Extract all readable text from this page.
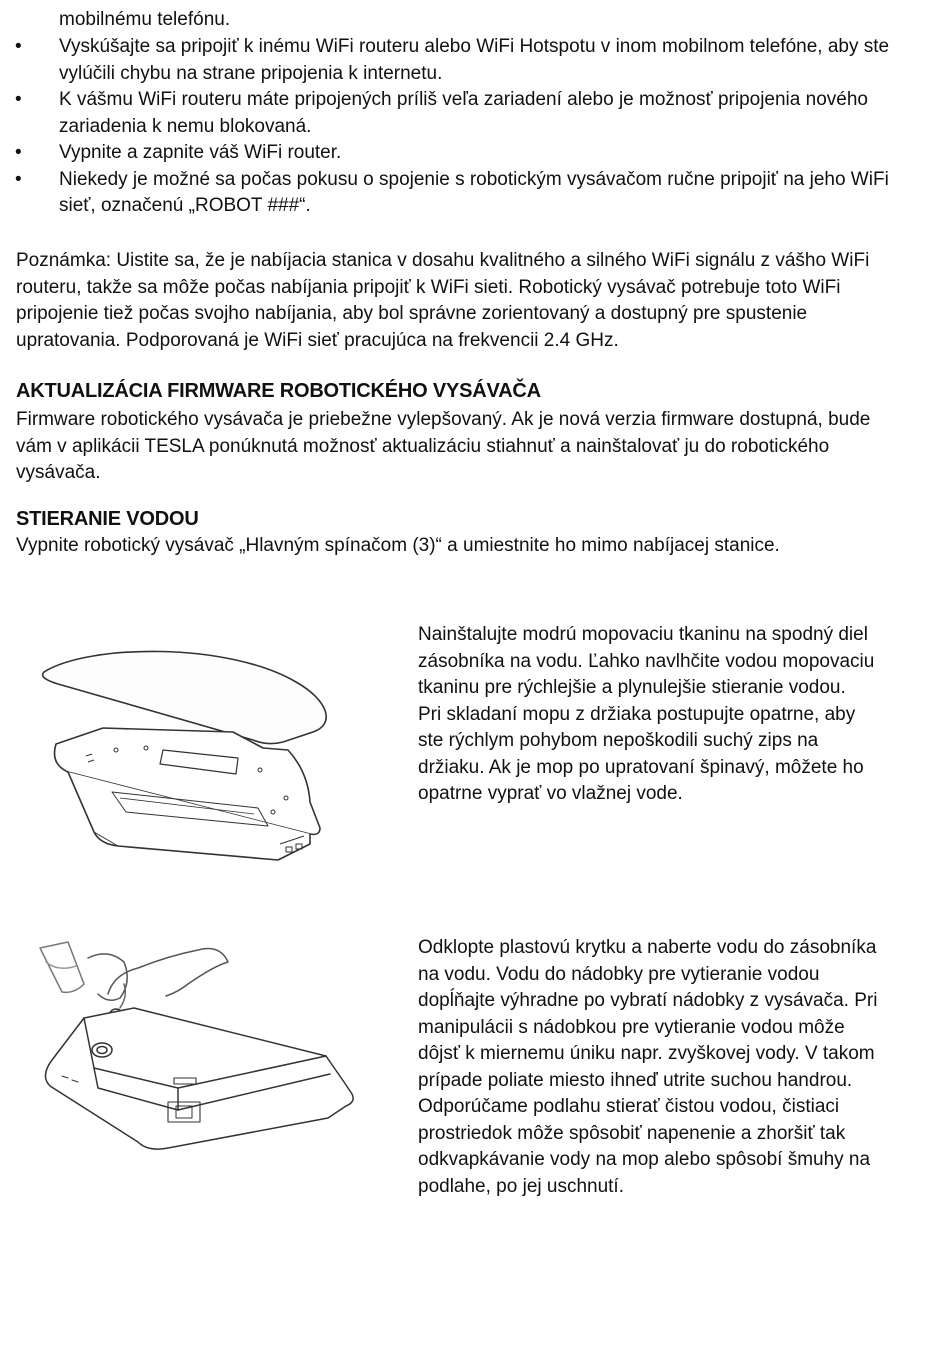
mobilnému telefónu.

• Vyskúšajte sa pripojiť k inému WiFi routeru alebo WiFi Hotspotu v inom mobilnom telefóne, aby ste vylúčili chybu na strane pripojenia k internetu.
• K vášmu WiFi routeru máte pripojených príliš veľa zariadení alebo je možnosť pripojenia nového zariadenia k nemu blokovaná.
• Vypnite a zapnite váš WiFi router.
• Niekedy je možné sa počas pokusu o spojenie s robotickým vysávačom ručne pripojiť na jeho WiFi sieť, označenú „ROBOT ###“.

Poznámka: Uistite sa, že je nabíjacia stanica v dosahu kvalitného a silného WiFi signálu z vášho WiFi routeru, takže sa môže počas nabíjania pripojiť k WiFi sieti. Robotický vysávač potrebuje toto WiFi pripojenie tiež počas svojho nabíjania, aby bol správne zorientovaný a dostupný pre spustenie upratovania. Podporovaná je WiFi sieť pracujúca na frekvencii 2.4 GHz.

AKTUALIZÁCIA FIRMWARE ROBOTICKÉHO VYSÁVAČA

Firmware robotického vysávača je priebežne vylepšovaný. Ak je nová verzia firmware dostupná, bude vám v aplikácii TESLA ponúknutá možnosť aktualizáciu stiahnuť a nainštalovať ju do robotického vysávača.

STIERANIE VODOU

Vypnite robotický vysávač „Hlavným spínačom (3)“ a umiestnite ho mimo nabíjacej stanice.

Nainštalujte modrú mopovaciu tkaninu na spodný diel zásobníka na vodu. Ľahko navlhčite vodou mopovaciu tkaninu pre rýchlejšie a plynulejšie stieranie vodou.

Pri skladaní mopu z držiaka postupujte opatrne, aby ste rýchlym pohybom nepoškodili suchý zips na držiaku. Ak je mop po upratovaní špinavý, môžete ho opatrne vyprať vo vlažnej vode.

Odklopte plastovú krytku a naberte vodu do zásobníka na vodu. Vodu do nádobky pre vytieranie vodou dopĺňajte výhradne po vybratí nádobky z vysávača. Pri manipulácii s nádobkou pre vytieranie vodou môže dôjsť k miernemu úniku napr. zvyškovej vody. V takom prípade poliate miesto ihneď utrite suchou handrou.

Odporúčame podlahu stierať čistou vodou, čistiaci prostriedok môže spôsobiť napenenie a zhoršiť tak odkvapkávanie vody na mop alebo spôsobí šmuhy na podlahe, po jej uschnutí.
